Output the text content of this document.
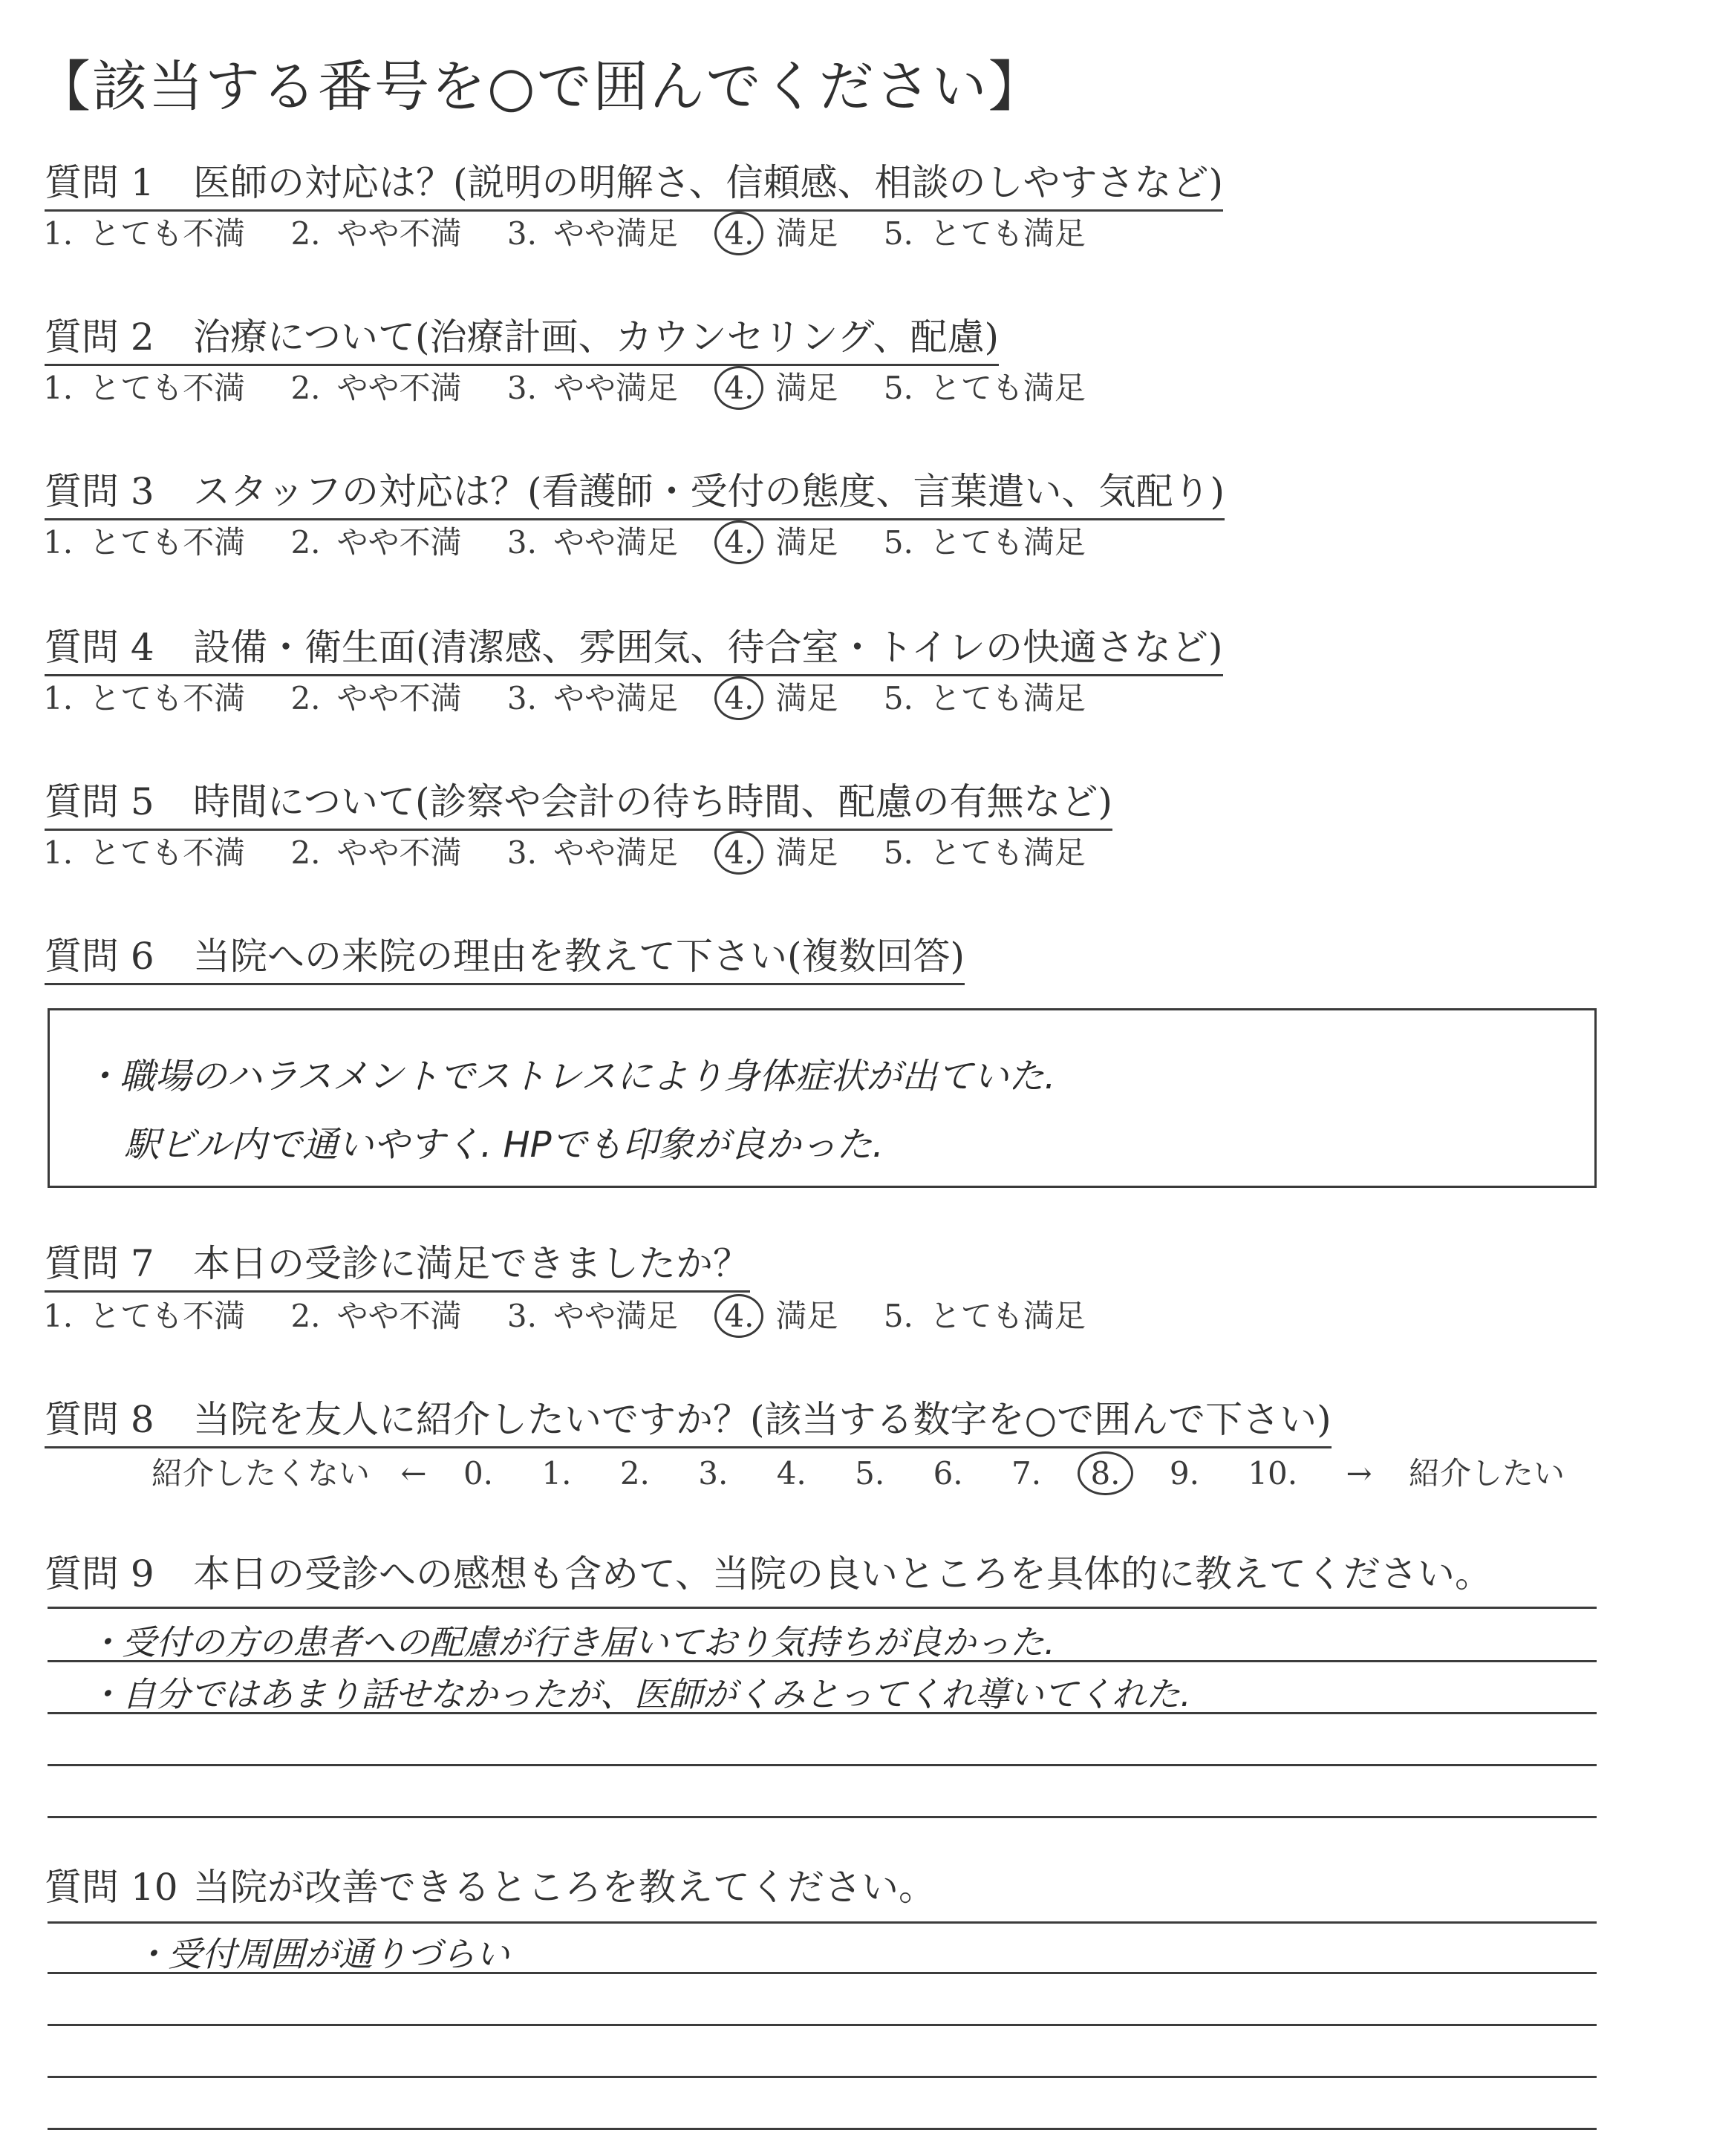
【該当する番号を○で囲んでください】
質問 1 医師の対応は？(説明の明解さ、信頼感、相談のしやすさなど)
1. とても不満 2. やや不満 3. やや満足 4. 満足 5. とても満足
質問 2 治療について(治療計画、カウンセリング、配慮)
1. とても不満 2. やや不満 3. やや満足 4. 満足 5. とても満足
質問 3 スタッフの対応は？(看護師・受付の態度、言葉遣い、気配り)
1. とても不満 2. やや不満 3. やや満足 4. 満足 5. とても満足
質問 4 設備・衛生面(清潔感、雰囲気、待合室・トイレの快適さなど)
1. とても不満 2. やや不満 3. やや満足 4. 満足 5. とても満足
質問 5 時間について(診察や会計の待ち時間、配慮の有無など)
1. とても不満 2. やや不満 3. やや満足 4. 満足 5. とても満足
質問 6 当院への来院の理由を教えて下さい(複数回答)
・職場のハラスメントでストレスにより身体症状が出ていた.
駅ビル内で通いやすく. HPでも印象が良かった.
質問 7 本日の受診に満足できましたか？
1. とても不満 2. やや不満 3. やや満足 4. 満足 5. とても満足
質問 8 当院を友人に紹介したいですか？(該当する数字を○で囲んで下さい)
紹介したくない ← 0. 1. 2. 3. 4. 5. 6. 7. 8. 9. 10. → 紹介したい
質問 9 本日の受診への感想も含めて、当院の良いところを具体的に教えてください。
・受付の方の患者への配慮が行き届いており気持ちが良かった.
・自分ではあまり話せなかったが、医師がくみとってくれ導いてくれた.
質問 10 当院が改善できるところを教えてください。
・受付周囲が通りづらい
